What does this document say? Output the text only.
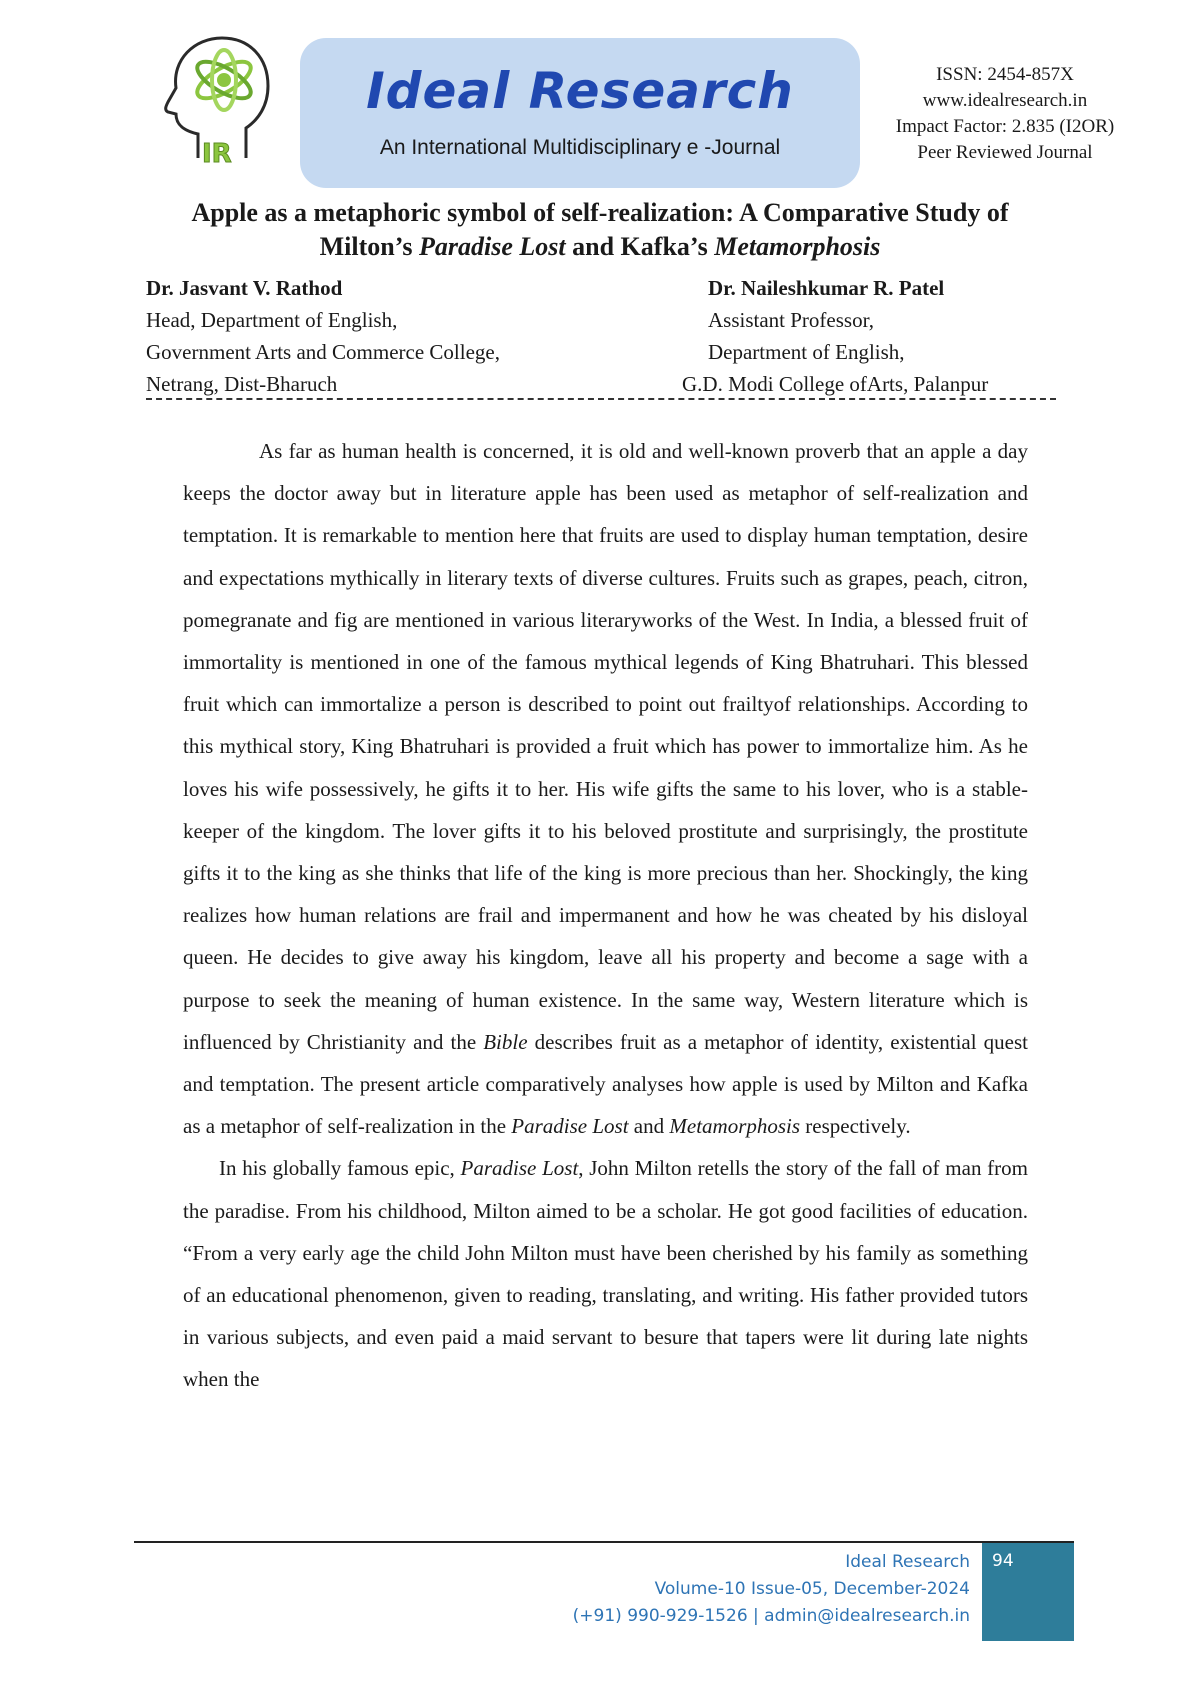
IR
Ideal Research
An International Multidisciplinary e -Journal
ISSN: 2454-857X
www.idealresearch.in
Impact Factor: 2.835 (I2OR)
Peer Reviewed Journal
Apple as a metaphoric symbol of self-realization: A Comparative Study of
Milton’s Paradise Lost and Kafka’s Metamorphosis
Dr. Jasvant V. Rathod
Head, Department of English,
Government Arts and Commerce College,
Netrang, Dist-Bharuch
Dr. Naileshkumar R. Patel
Assistant Professor,
Department of English,
G.D. Modi College ofArts, Palanpur

As far as human health is concerned, it is old and well-known proverb that an apple a day keeps the doctor away but in literature apple has been used as metaphor of self-realization and temptation. It is remarkable to mention here that fruits are used to display human temptation, desire and expectations mythically in literary texts of diverse cultures. Fruits such as grapes, peach, citron, pomegranate and fig are mentioned in various literaryworks of the West. In India, a blessed fruit of immortality is mentioned in one of the famous mythical legends of King Bhatruhari. This blessed fruit which can immortalize a person is described to point out frailtyof relationships. According to this mythical story, King Bhatruhari is provided a fruit which has power to immortalize him. As he loves his wife possessively, he gifts it to her. His wife gifts the same to his lover, who is a stable-keeper of the kingdom. The lover gifts it to his beloved prostitute and surprisingly, the prostitute gifts it to the king as she thinks that life of the king is more precious than her. Shockingly, the king realizes how human relations are frail and impermanent and how he was cheated by his disloyal queen. He decides to give away his kingdom, leave all his property and become a sage with a purpose to seek the meaning of human existence. In the same way, Western literature which is influenced by Christianity and the Bible describes fruit as a metaphor of identity, existential quest and temptation. The present article comparatively analyses how apple is used by Milton and Kafka as a metaphor of self-realization in the Paradise Lost and Metamorphosis respectively.

In his globally famous epic, Paradise Lost, John Milton retells the story of the fall of man from the paradise. From his childhood, Milton aimed to be a scholar. He got good facilities of education. “From a very early age the child John Milton must have been cherished by his family as something of an educational phenomenon, given to reading, translating, and writing. His father provided tutors in various subjects, and even paid a maid servant to besure that tapers were lit during late nights when the

Ideal Research
Volume-10 Issue-05, December-2024
(+91) 990-929-1526 | admin@idealresearch.in
94
